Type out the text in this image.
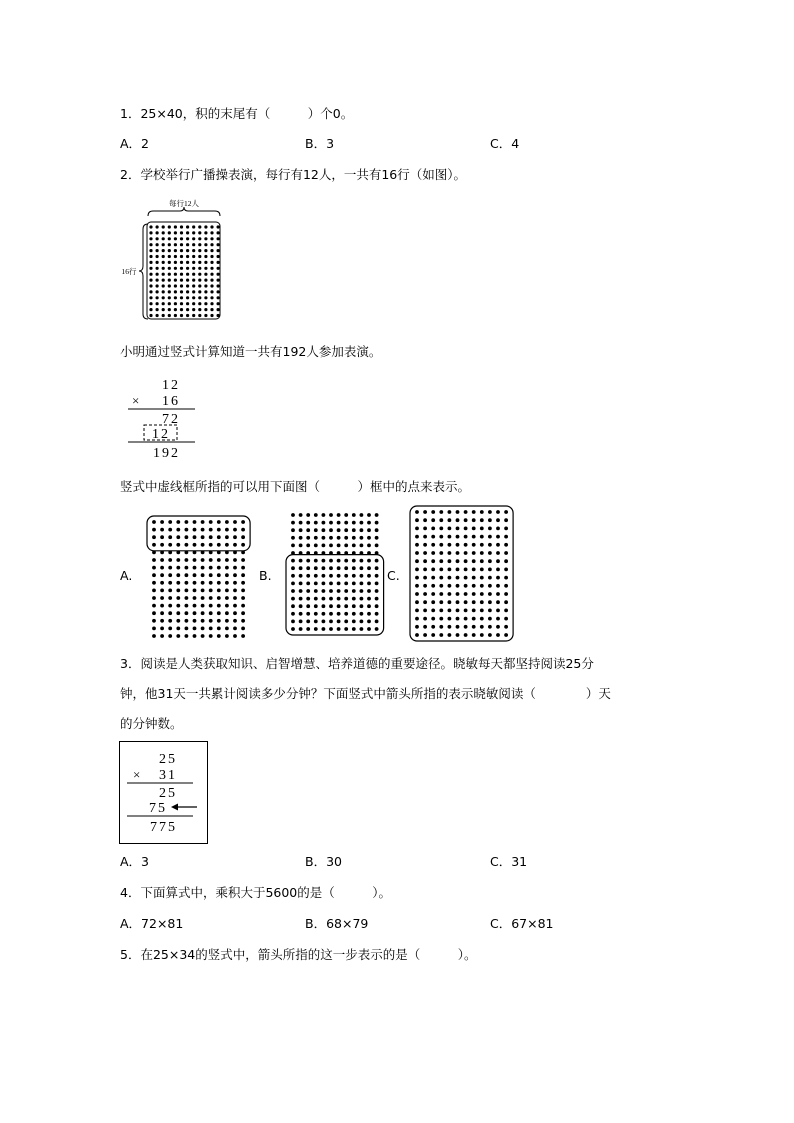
1．25×40，积的末尾有（　　　）个0。
A．2	B．3	C．4
2．学校举行广播操表演，每行有12人，一共有16行（如图）。
每行12人
16行
小明通过竖式计算知道一共有192人参加表演。
12
× 16
72
12
192
竖式中虚线框所指的可以用下面图（　　　）框中的点来表示。
A.	B.	C.
3．阅读是人类获取知识、启智增慧、培养道德的重要途径。晓敏每天都坚持阅读25分
钟，他31天一共累计阅读多少分钟？下面竖式中箭头所指的表示晓敏阅读（　　　　）天
的分钟数。
25
× 31
25
75
775
A．3	B．30	C．31
4．下面算式中，乘积大于5600的是（　　　）。
A．72×81	B．68×79	C．67×81
5．在25×34的竖式中，箭头所指的这一步表示的是（　　　）。
